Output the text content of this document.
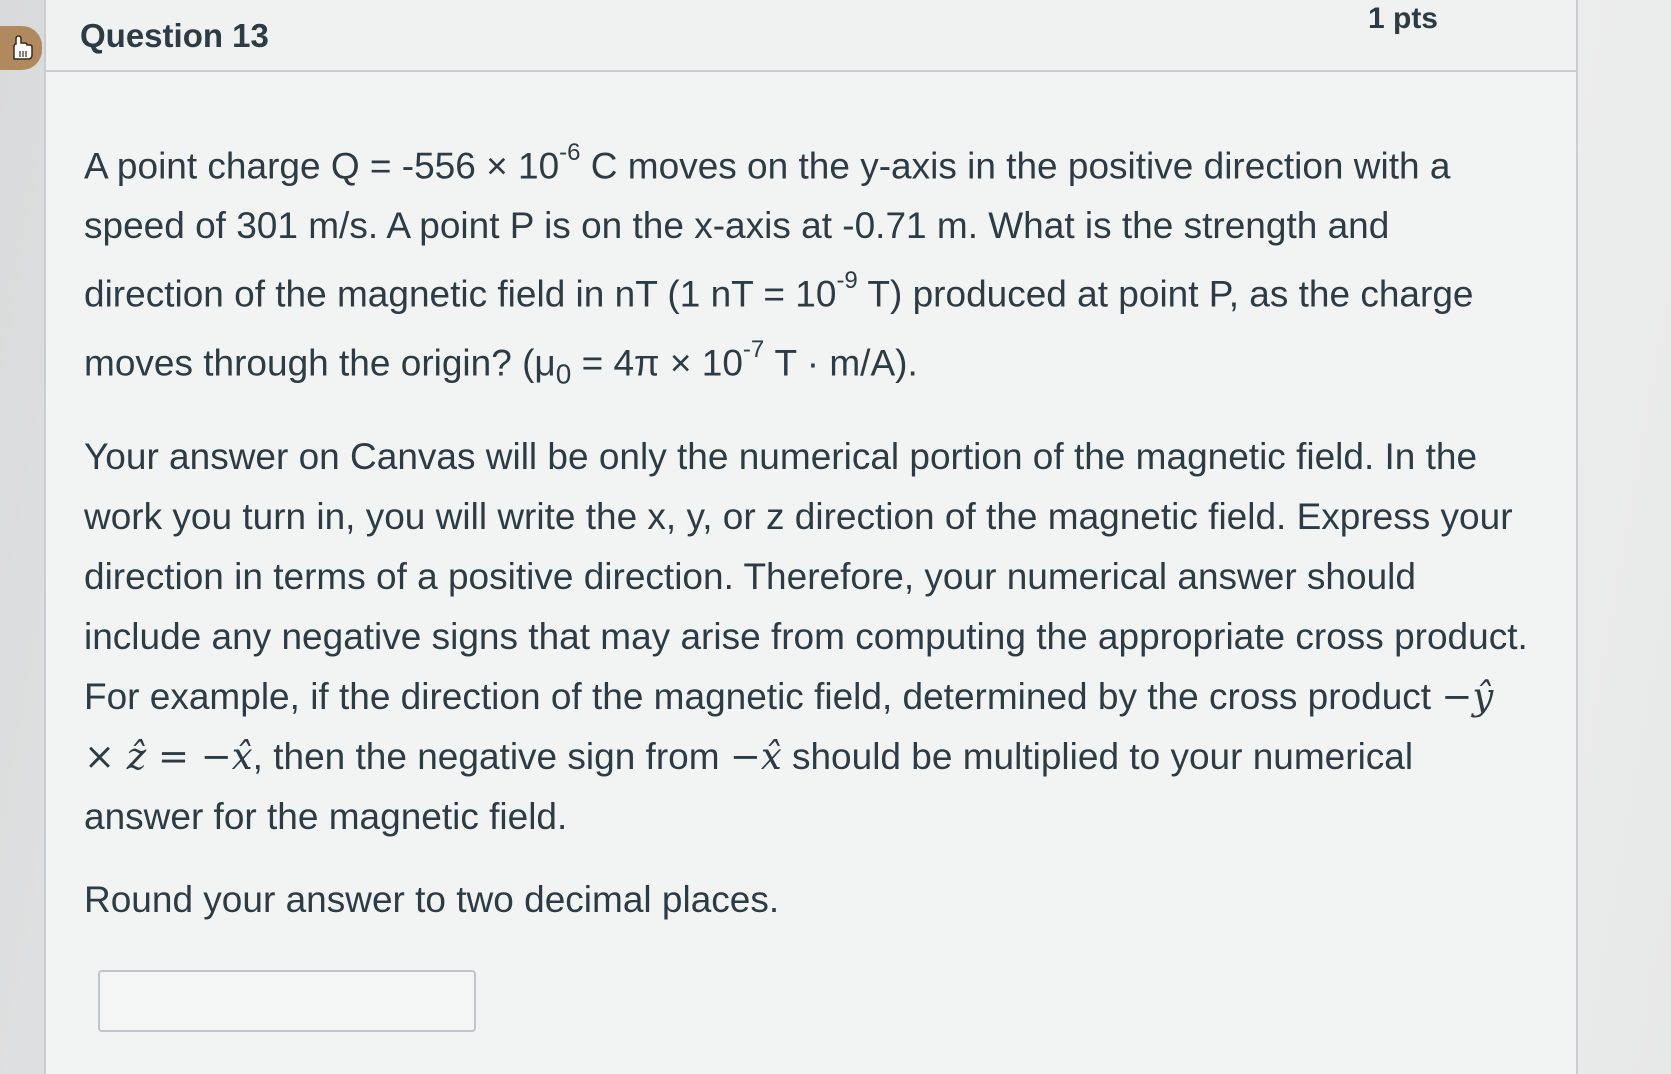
Question 13	1 pts

A point charge $Q = -556 \times 10^{-6}$ C moves on the y-axis in the positive direction with a speed of 301 m/s. A point P is on the x-axis at -0.71 m. What is the strength and direction of the magnetic field in nT (1 nT = $10^{-9}$ T) produced at point P, as the charge moves through the origin? ($\mu_0 = 4\pi \times 10^{-7}$ T · m/A).

Your answer on Canvas will be only the numerical portion of the magnetic field. In the work you turn in, you will write the x, y, or z direction of the magnetic field. Express your direction in terms of a positive direction. Therefore, your numerical answer should include any negative signs that may arise from computing the appropriate cross product. For example, if the direction of the magnetic field, determined by the cross product −ŷ × ẑ = −x̂, then the negative sign from −x̂ should be multiplied to your numerical answer for the magnetic field.

Round your answer to two decimal places.
